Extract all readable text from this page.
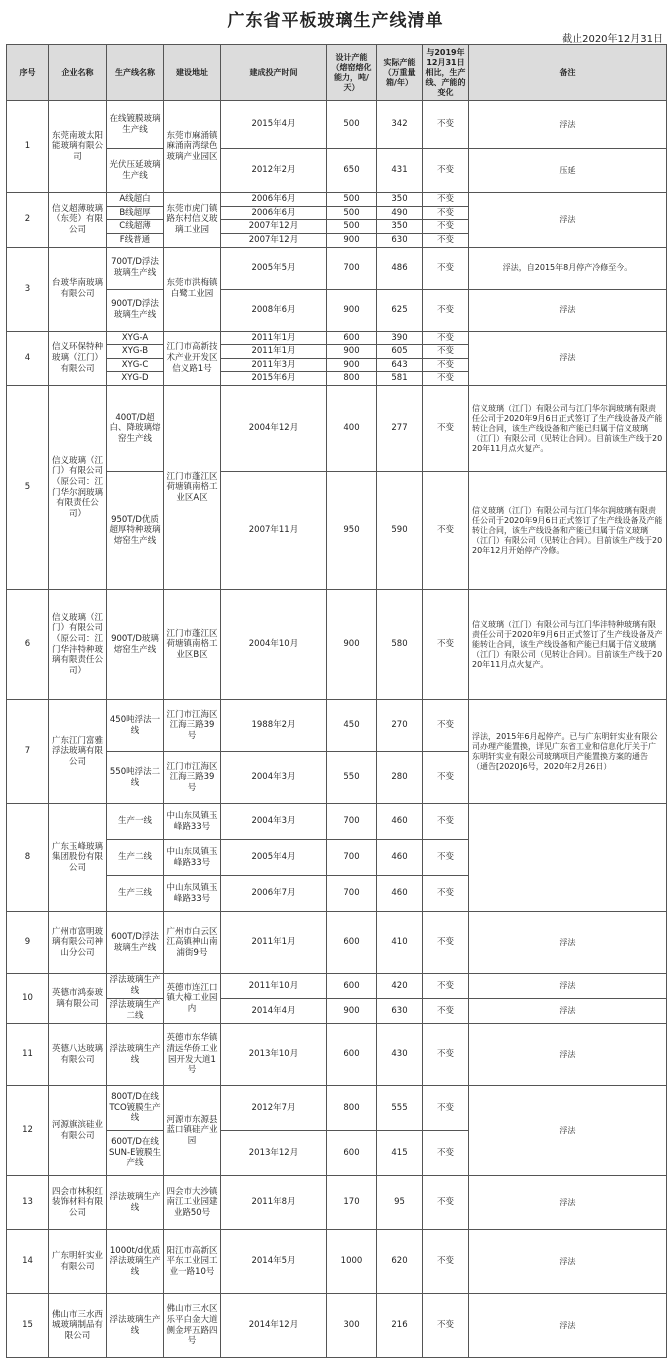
广东省平板玻璃生产线清单
截止2020年12月31日
序号	企业名称	生产线名称	建设地址	建成投产时间	设计产能（熔窑熔化能力，吨/天）	实际产能（万重量箱/年）	与2019年12月31日相比，生产线、产能的变化	备注
1	东莞南玻太阳能玻璃有限公司	在线镀膜玻璃生产线	东莞市麻涌镇麻涌南湾绿色玻璃产业园区	2015年4月	500	342	不变	浮法
		光伏压延玻璃生产线		2012年2月	650	431	不变	压延
2	信义超薄玻璃（东莞）有限公司	A线超白	东莞市虎门镇路东村信义玻璃工业园	2006年6月	500	350	不变	浮法
		B线超厚		2006年6月	500	490	不变	
		C线超薄		2007年12月	500	350	不变	
		F线普通		2007年12月	900	630	不变	
3	台玻华南玻璃有限公司	700T/D浮法玻璃生产线	东莞市洪梅镇白鹭工业园	2005年5月	700	486	不变	浮法，自2015年8月停产冷修至今。
		900T/D浮法玻璃生产线		2008年6月	900	625	不变	浮法
4	信义环保特种玻璃（江门）有限公司	XYG-A	江门市高新技术产业开发区信义路1号	2011年1月	600	390	不变	浮法
		XYG-B		2011年1月	900	605	不变	
		XYG-C		2011年3月	900	643	不变	
		XYG-D		2015年6月	800	581	不变	
5	信义玻璃（江门）有限公司（原公司：江门华尔润玻璃有限责任公司）	400T/D超白、降玻璃熔窑生产线	江门市蓬江区荷塘镇南格工业区A区	2004年12月	400	277	不变	信义玻璃（江门）有限公司与江门华尔润玻璃有限责任公司于2020年9月6日正式签订了生产线设备及产能转让合同，该生产线设备和产能已归属于信义玻璃（江门）有限公司（见转让合同）。目前该生产线于2020年11月点火复产。
		950T/D优质超厚特种玻璃熔窑生产线		2007年11月	950	590	不变	信义玻璃（江门）有限公司与江门华尔润玻璃有限责任公司于2020年9月6日正式签订了生产线设备及产能转让合同，该生产线设备和产能已归属于信义玻璃（江门）有限公司（见转让合同）。目前该生产线于2020年12月开始停产冷修。
6	信义玻璃（江门）有限公司（原公司：江门华沣特种玻璃有限责任公司）	900T/D玻璃熔窑生产线	江门市蓬江区荷塘镇南格工业区B区	2004年10月	900	580	不变	信义玻璃（江门）有限公司与江门华沣特种玻璃有限责任公司于2020年9月6日正式签订了生产线设备及产能转让合同，该生产线设备和产能已归属于信义玻璃（江门）有限公司（见转让合同）。目前该生产线于2020年11月点火复产。
7	广东江门富雅浮法玻璃有限公司	450吨浮法一线	江门市江海区江海三路39号	1988年2月	450	270	不变	浮法，2015年6月起停产。已与广东明轩实业有限公司办理产能置换，详见广东省工业和信息化厅关于广东明轩实业有限公司玻璃项目产能置换方案的通告（通告[2020]6号，2020年2月26日）
		550吨浮法二线	江门市江海区江海三路39号	2004年3月	550	280	不变	
8	广东玉峰玻璃集团股份有限公司	生产一线	中山东凤镇玉峰路33号	2004年3月	700	460	不变	
		生产二线	中山东凤镇玉峰路33号	2005年4月	700	460	不变	
		生产三线	中山东凤镇玉峰路33号	2006年7月	700	460	不变	
9	广州市富明玻璃有限公司神山分公司	600T/D浮法玻璃生产线	广州市白云区江高镇神山南浦街9号	2011年1月	600	410	不变	浮法
10	英德市鸿泰玻璃有限公司	浮法玻璃生产线	英德市连江口镇大樟工业园内	2011年10月	600	420	不变	浮法
		浮法玻璃生产二线		2014年4月	900	630	不变	浮法
11	英德八达玻璃有限公司	浮法玻璃生产线	英德市东华镇清远华侨工业园开发大道1号	2013年10月	600	430	不变	浮法
12	河源旗滨硅业有限公司	800T/D在线TCO镀膜生产线	河源市东源县蓝口镇硅产业园	2012年7月	800	555	不变	浮法
		600T/D在线SUN-E镀膜生产线		2013年12月	600	415	不变	
13	四会市林积红装饰材料有限公司	浮法玻璃生产线	四会市大沙镇南江工业园建业路50号	2011年8月	170	95	不变	浮法
14	广东明轩实业有限公司	1000t/d优质浮法玻璃生产线	阳江市高新区平东工业园工业一路10号	2014年5月	1000	620	不变	浮法
15	佛山市三水西城玻璃制品有限公司	浮法玻璃生产线	佛山市三水区乐平白金大道侧金坪五路四号	2014年12月	300	216	不变	浮法
